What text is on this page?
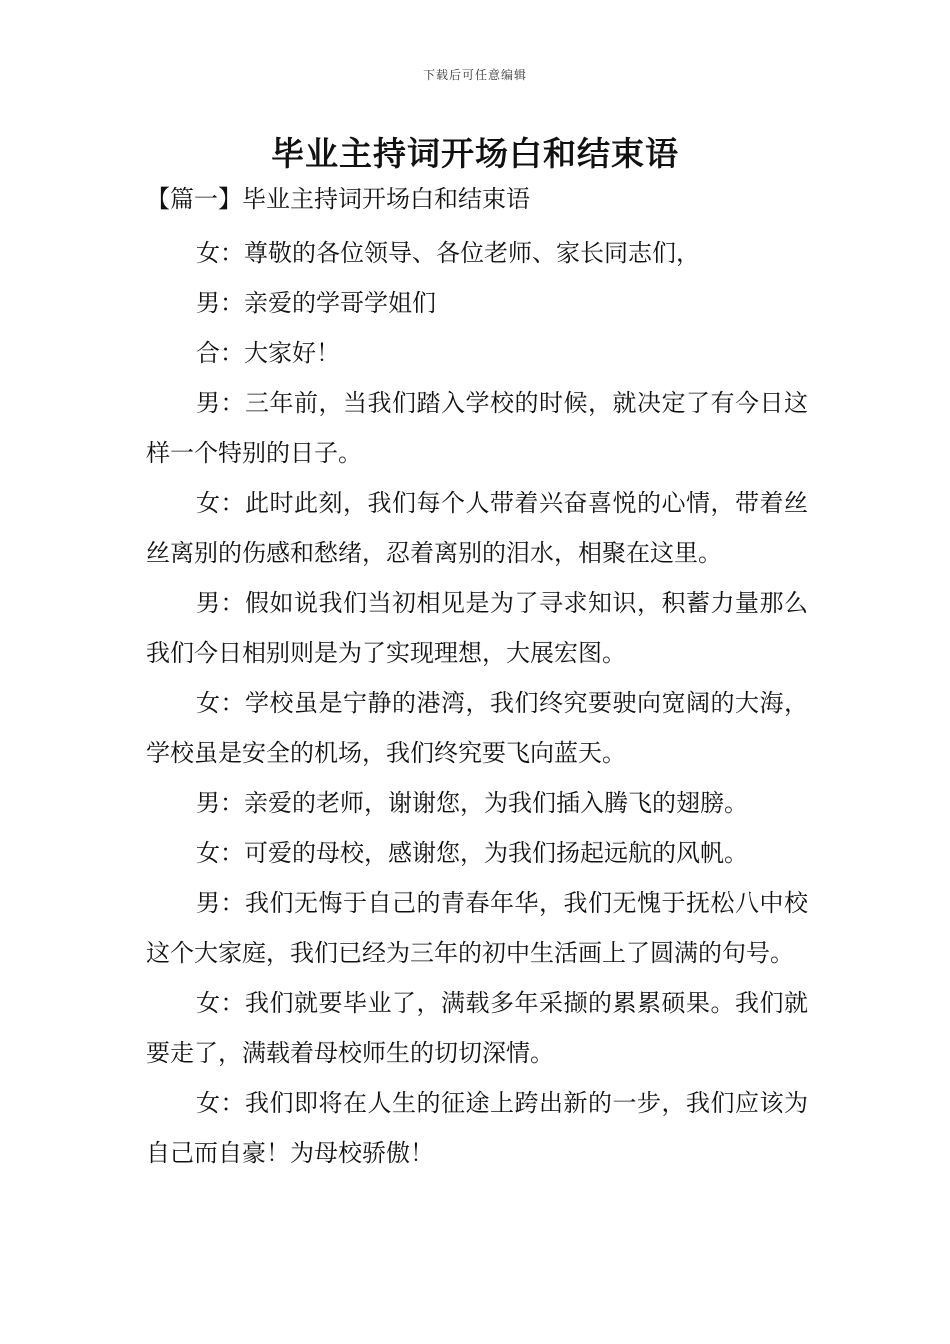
下载后可任意编辑
毕业主持词开场白和结束语
【篇一】毕业主持词开场白和结束语

女：尊敬的各位领导、各位老师、家长同志们，

男：亲爱的学哥学姐们

合：大家好！

男：三年前，当我们踏入学校的时候，就决定了有今日这样一个特别的日子。

女：此时此刻，我们每个人带着兴奋喜悦的心情，带着丝丝离别的伤感和愁绪，忍着离别的泪水，相聚在这里。

男：假如说我们当初相见是为了寻求知识，积蓄力量那么我们今日相别则是为了实现理想，大展宏图。

女：学校虽是宁静的港湾，我们终究要驶向宽阔的大海，学校虽是安全的机场，我们终究要飞向蓝天。

男：亲爱的老师，谢谢您，为我们插入腾飞的翅膀。

女：可爱的母校，感谢您，为我们扬起远航的风帆。

男：我们无悔于自己的青春年华，我们无愧于抚松八中校这个大家庭，我们已经为三年的初中生活画上了圆满的句号。

女：我们就要毕业了，满载多年采撷的累累硕果。我们就要走了，满载着母校师生的切切深情。

女：我们即将在人生的征途上跨出新的一步，我们应该为自己而自豪！为母校骄傲！
